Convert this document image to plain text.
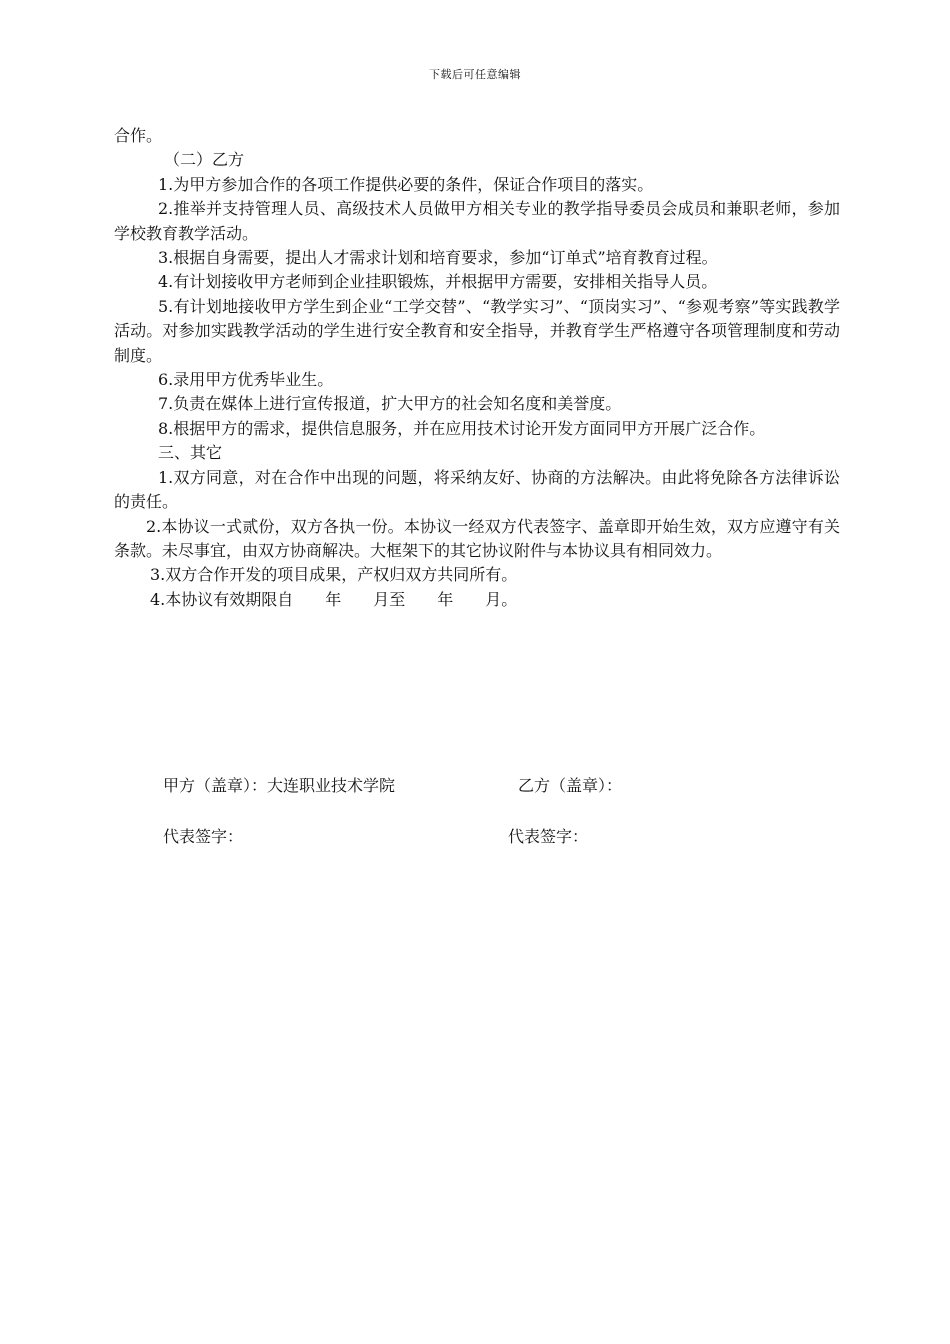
下载后可任意编辑

合作。

（二）乙方

1.为甲方参加合作的各项工作提供必要的条件，保证合作项目的落实。

2.推举并支持管理人员、高级技术人员做甲方相关专业的教学指导委员会成员和兼职老师，参加学校教育教学活动。

3.根据自身需要，提出人才需求计划和培育要求，参加“订单式”培育教育过程。

4.有计划接收甲方老师到企业挂职锻炼，并根据甲方需要，安排相关指导人员。

5.有计划地接收甲方学生到企业“工学交替”、“教学实习”、“顶岗实习”、“参观考察”等实践教学活动。对参加实践教学活动的学生进行安全教育和安全指导，并教育学生严格遵守各项管理制度和劳动制度。

6.录用甲方优秀毕业生。

7.负责在媒体上进行宣传报道，扩大甲方的社会知名度和美誉度。

8.根据甲方的需求，提供信息服务，并在应用技术讨论开发方面同甲方开展广泛合作。

三、其它

1.双方同意，对在合作中出现的问题，将采纳友好、协商的方法解决。由此将免除各方法律诉讼的责任。

2.本协议一式贰份，双方各执一份。本协议一经双方代表签字、盖章即开始生效，双方应遵守有关条款。未尽事宜，由双方协商解决。大框架下的其它协议附件与本协议具有相同效力。

3.双方合作开发的项目成果，产权归双方共同所有。

4.本协议有效期限自　　年　　月至　　年　　月。

甲方（盖章）：大连职业技术学院	乙方（盖章）：
代表签字：	代表签字：
